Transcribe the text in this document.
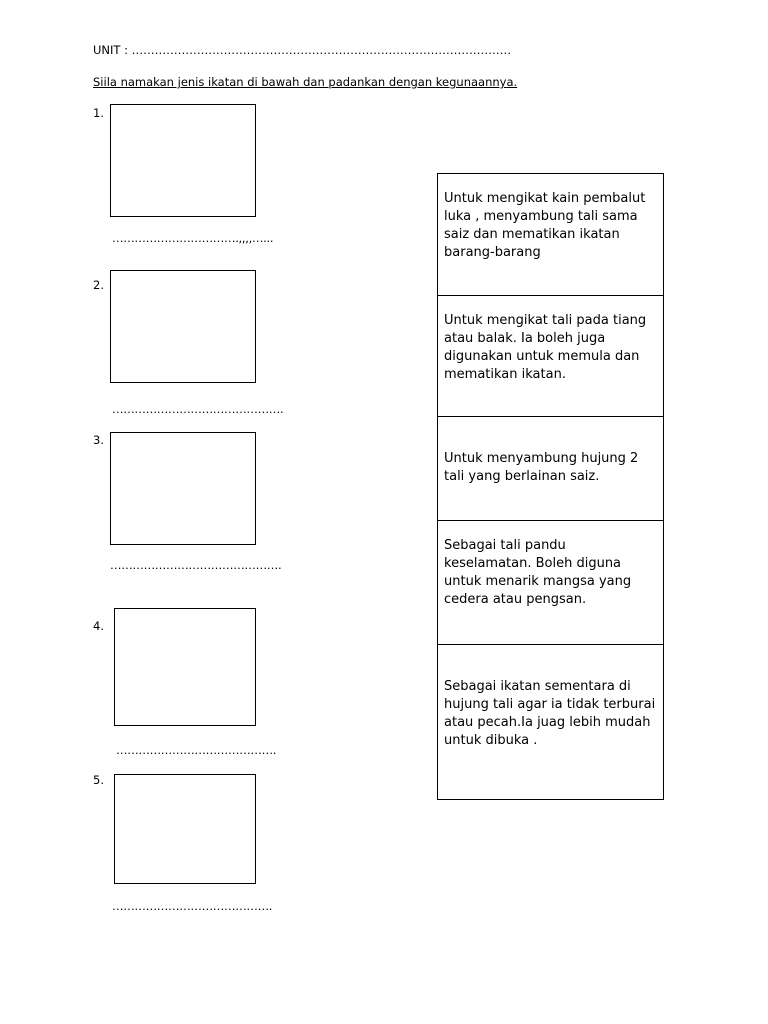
UNIT : ………………………………………………………………………………………
Siila namakan jenis ikatan di bawah dan padankan dengan kegunaannya.
1.
…………………………….,,,,…...
2.
……………………………………….
3.
……………………………………….
4.
…………………………………….
5.
…………………………………….
Untuk mengikat kain pembalut luka , menyambung tali sama saiz dan mematikan ikatan barang-barang
Untuk mengikat tali pada tiang atau balak. Ia boleh juga digunakan untuk memula dan mematikan ikatan.
Untuk menyambung hujung 2 tali yang berlainan saiz.
Sebagai tali pandu keselamatan. Boleh diguna untuk menarik mangsa yang cedera atau pengsan.
Sebagai ikatan sementara di hujung tali agar ia tidak terburai atau pecah.Ia juag lebih mudah untuk dibuka .
